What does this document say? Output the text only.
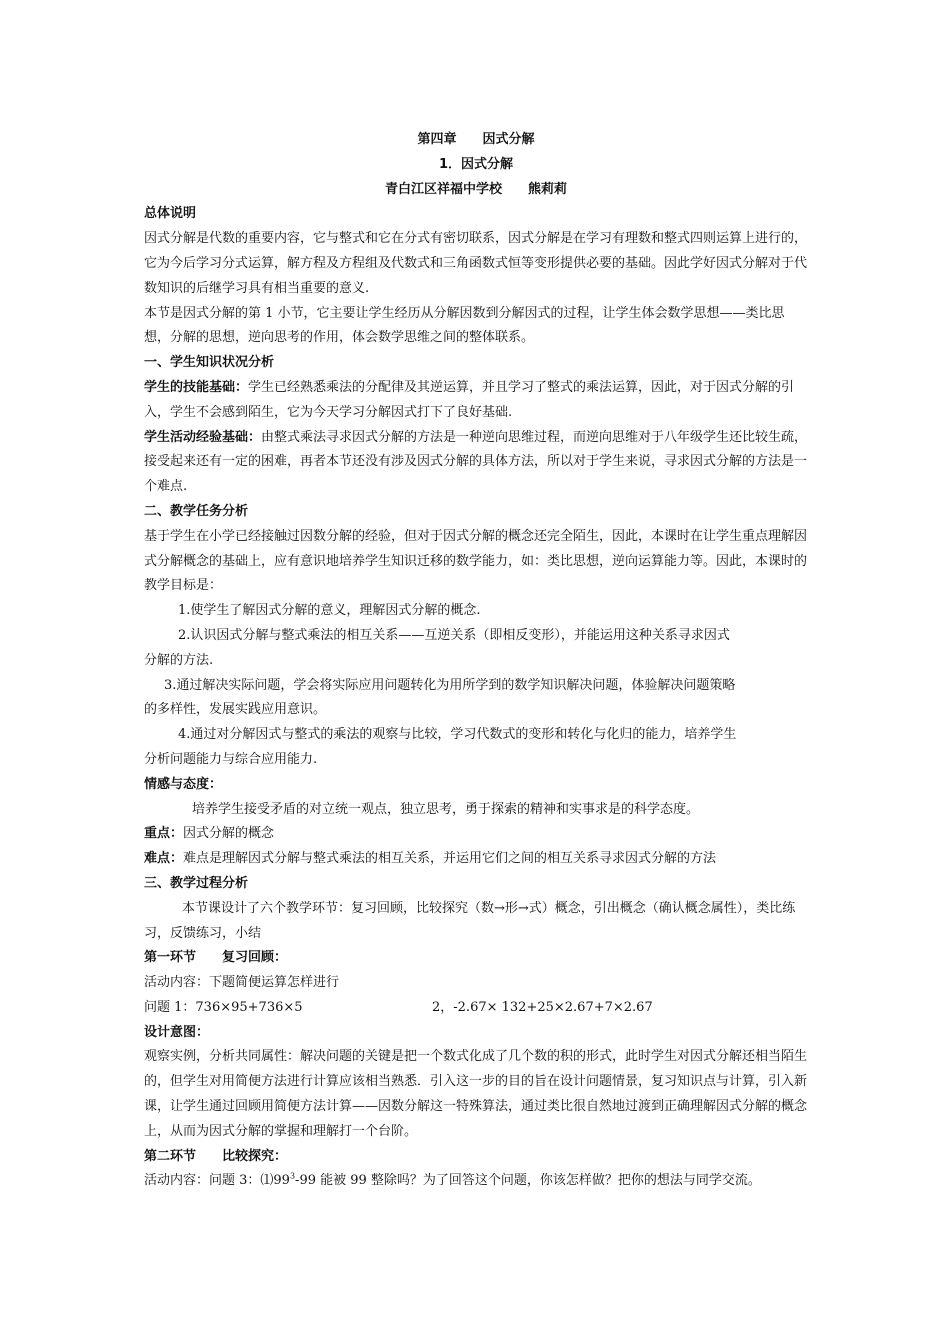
第四章　　因式分解
1．因式分解
青白江区祥福中学校　　熊莉莉
总体说明

因式分解是代数的重要内容，它与整式和它在分式有密切联系，因式分解是在学习有理数和整式四则运算上进行的，它为今后学习分式运算，解方程及方程组及代数式和三角函数式恒等变形提供必要的基础。因此学好因式分解对于代数知识的后继学习具有相当重要的意义.

本节是因式分解的第 1 小节，它主要让学生经历从分解因数到分解因式的过程，让学生体会数学思想——类比思想，分解的思想，逆向思考的作用，体会数学思维之间的整体联系。

一、学生知识状况分析

学生的技能基础：学生已经熟悉乘法的分配律及其逆运算，并且学习了整式的乘法运算，因此，对于因式分解的引入，学生不会感到陌生，它为今天学习分解因式打下了良好基础.

学生活动经验基础：由整式乘法寻求因式分解的方法是一种逆向思维过程，而逆向思维对于八年级学生还比较生疏，接受起来还有一定的困难，再者本节还没有涉及因式分解的具体方法，所以对于学生来说，寻求因式分解的方法是一个难点.

二、教学任务分析

基于学生在小学已经接触过因数分解的经验，但对于因式分解的概念还完全陌生，因此，本课时在让学生重点理解因式分解概念的基础上，应有意识地培养学生知识迁移的数学能力，如：类比思想，逆向运算能力等。因此，本课时的教学目标是：

1.使学生了解因式分解的意义，理解因式分解的概念.
2.认识因式分解与整式乘法的相互关系——互逆关系（即相反变形），并能运用这种关系寻求因式
分解的方法.
3.通过解决实际问题，学会将实际应用问题转化为用所学到的数学知识解决问题，体验解决问题策略
的多样性，发展实践应用意识。
4.通过对分解因式与整式的乘法的观察与比较，学习代数式的变形和转化与化归的能力，培养学生
分析问题能力与综合应用能力.
情感与态度：
培养学生接受矛盾的对立统一观点，独立思考，勇于探索的精神和实事求是的科学态度。
重点：因式分解的概念
难点：难点是理解因式分解与整式乘法的相互关系，并运用它们之间的相互关系寻求因式分解的方法
三、教学过程分析

本节课设计了六个教学环节：复习回顾，比较探究（数→形→式）概念，引出概念（确认概念属性），类比练习，反馈练习，小结

第一环节　　复习回顾：
活动内容：下题简便运算怎样进行
问题 1：736×95+736×5	2，-2.67× 132+25×2.67+7×2.67
设计意图：

观察实例，分析共同属性：解决问题的关键是把一个数式化成了几个数的积的形式，此时学生对因式分解还相当陌生的，但学生对用简便方法进行计算应该相当熟悉．引入这一步的目的旨在设计问题情景，复习知识点与计算，引入新课，让学生通过回顾用简便方法计算——因数分解这一特殊算法，通过类比很自然地过渡到正确理解因式分解的概念上，从而为因式分解的掌握和理解打一个台阶。

第二环节　　比较探究：
活动内容：问题 3：$⑴99^3-99$ 能被 99 整除吗？为了回答这个问题，你该怎样做？把你的想法与同学交流。
